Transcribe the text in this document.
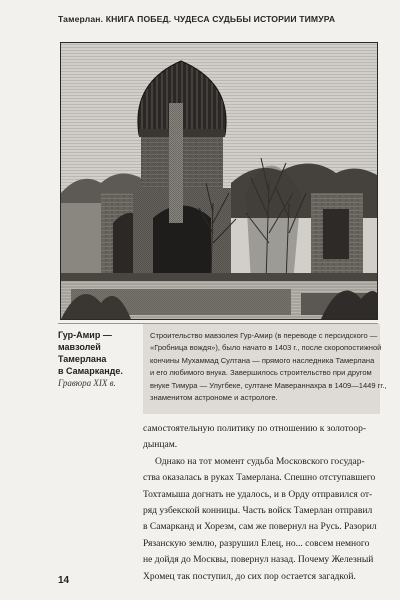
Тамерлан. КНИГА ПОБЕД. ЧУДЕСА СУДЬБЫ ИСТОРИИ ТИМУРА
Гур-Амир —
мавзолей
Тамерлана
в Самарканде.
Гравюра XIX в.
Строительство мавзолея Гур-Амир (в переводе с персидского —
«Гробница вождя»), было начато в 1403 г., после скоропостижной
кончины Мухаммад Султана — прямого наследника Тамерлана
и его любимого внука. Завершилось строительство при другом
внуке Тимура — Улугбеке, султане Мавераннахра в 1409—1449 гг.,
знаменитом астрономе и астрологе.
самостоятельную политику по отношению к золотоор-
дынцам.
Однако на тот момент судьба Московского государ-
ства оказалась в руках Тамерлана. Спешно отступавшего
Тохтамыша догнать не удалось, и в Орду отправился от-
ряд узбекской конницы. Часть войск Тамерлан отправил
в Самарканд и Хорезм, сам же повернул на Русь. Разорил
Рязанскую землю, разрушил Елец, но... совсем немного
не дойдя до Москвы, повернул назад. Почему Железный
Хромец так поступил, до сих пор остается загадкой.
14
